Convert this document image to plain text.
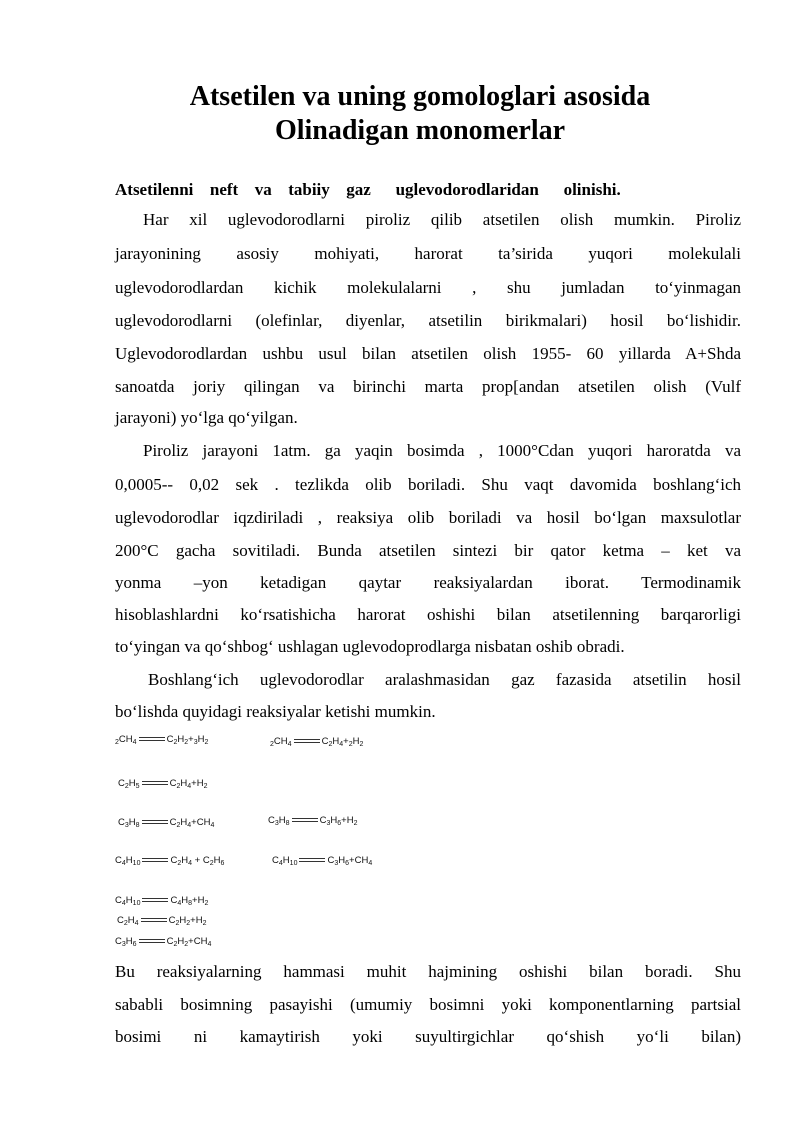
Atsetilen va uning gomologlari asosida
Olinadigan monomerlar
Atsetilenni  neft  va  tabiiy  gaz   uglevodorodlaridan   olinishi.
Har xil uglevodorodlarni piroliz qilib atsetilen olish mumkin. Piroliz
jarayonining asosiy mohiyati, harorat ta’sirida yuqori molekulali
uglevodorodlardan kichik molekulalarni , shu jumladan to‘yinmagan
uglevodorodlarni (olefinlar, diyenlar, atsetilin birikmalari) hosil bo‘lishidir.
Uglevodorodlardan ushbu usul bilan atsetilen olish 1955- 60 yillarda A+Shda
sanoatda joriy qilingan va birinchi marta prop[andan atsetilen olish (Vulf
jarayoni) yo‘lga qo‘yilgan.
Piroliz jarayoni 1atm. ga yaqin bosimda , 1000°Cdan yuqori haroratda va
0,0005-- 0,02 sek . tezlikda olib boriladi. Shu vaqt davomida boshlang‘ich
uglevodorodlar iqzdiriladi , reaksiya olib boriladi va hosil bo‘lgan maxsulotlar
200°C gacha sovitiladi. Bunda atsetilen sintezi bir qator ketma – ket va
yonma –yon ketadigan qaytar reaksiyalardan iborat. Termodinamik
hisoblashlardni ko‘rsatishicha harorat oshishi bilan atsetilenning barqarorligi
to‘yingan va qo‘shbog‘ ushlagan uglevodoprodlarga nisbatan oshib obradi.
Boshlang‘ich uglevodorodlar aralashmasidan gaz fazasida atsetilin hosil
bo‘lishda quyidagi reaksiyalar ketishi mumkin.
$_2CH_4$	$C_2H_2+_3H_2$	$_2CH_4$	$C_2H_4+_2H_2$
$C_2H_5$	$C_2H_4+H_2$
$C_3H_8$	$C_2H_4+CH_4$	$C_3H_8$	$C_3H_6+H_2$
$C_4H_{10}$	$C_2H_4 + C_2H_6$	$C_4H_{10}$	$C_3H_6+CH_4$
$C_4H_{10}$	$C_4H_8+H_2$
$C_2H_4$	$C_2H_2+H_2$
$C_3H_6$	$C_2H_2+CH_4$
Bu reaksiyalarning hammasi muhit hajmining oshishi bilan boradi. Shu
sababli bosimning pasayishi (umumiy bosimni yoki komponentlarning partsial
bosimi ni kamaytirish yoki suyultirgichlar qo‘shish yo‘li bilan)
